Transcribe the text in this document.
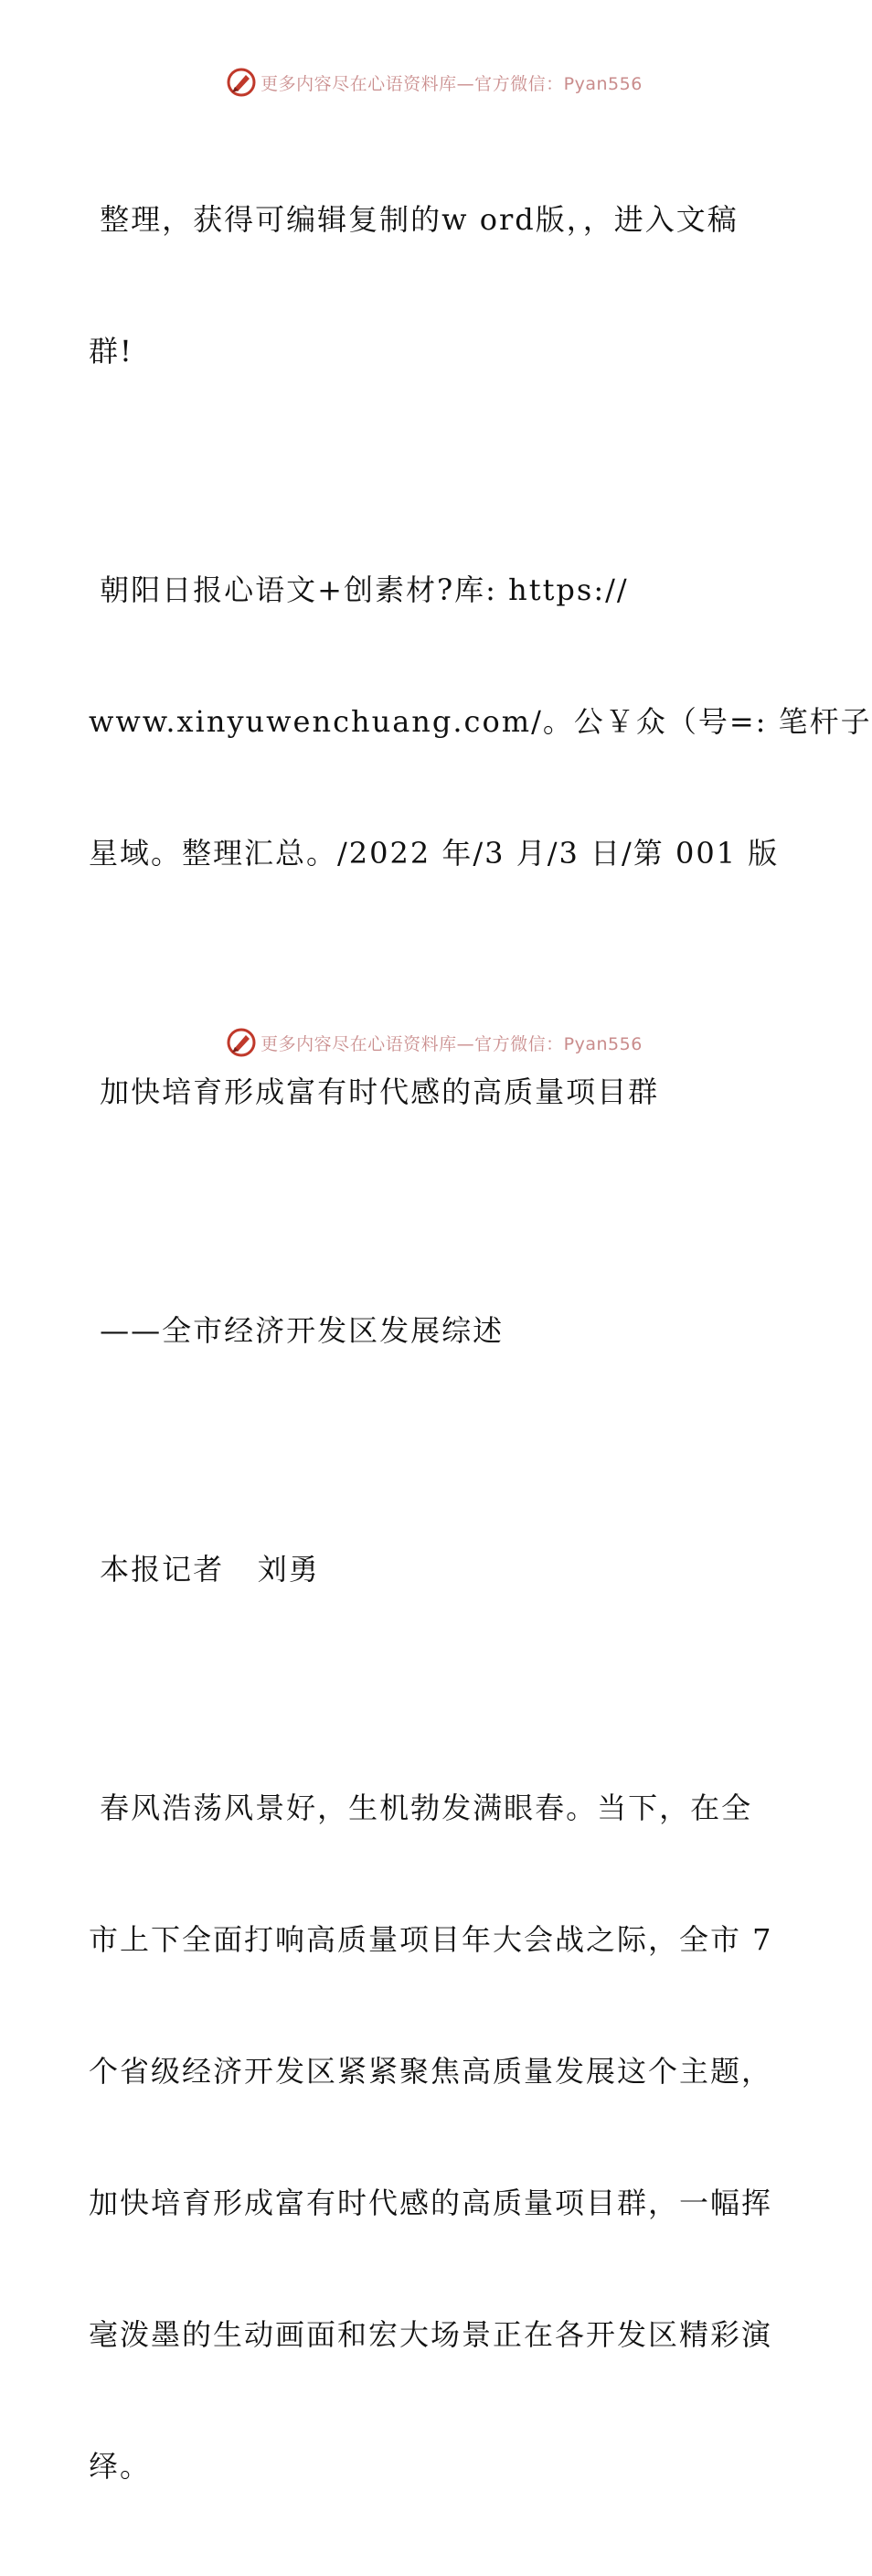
更多内容尽在心语资料库—官方微信：Pyan556

整理，获得可编辑复制的w ord版，，进入文稿

群!

朝阳日报心语文+创素材?库: https://

www.xinyuwenchuang.com/。公￥众（号=: 笔杆子

星域。整理汇总。/2022 年/3 月/3 日/第 001 版

加快培育形成富有时代感的高质量项目群

——全市经济开发区发展综述

本报记者   刘勇

春风浩荡风景好，生机勃发满眼春。当下，在全

市上下全面打响高质量项目年大会战之际，全市 7

个省级经济开发区紧紧聚焦高质量发展这个主题，

加快培育形成富有时代感的高质量项目群，一幅挥

毫泼墨的生动画面和宏大场景正在各开发区精彩演

绎。

更多内容尽在心语资料库—官方微信：Pyan556
